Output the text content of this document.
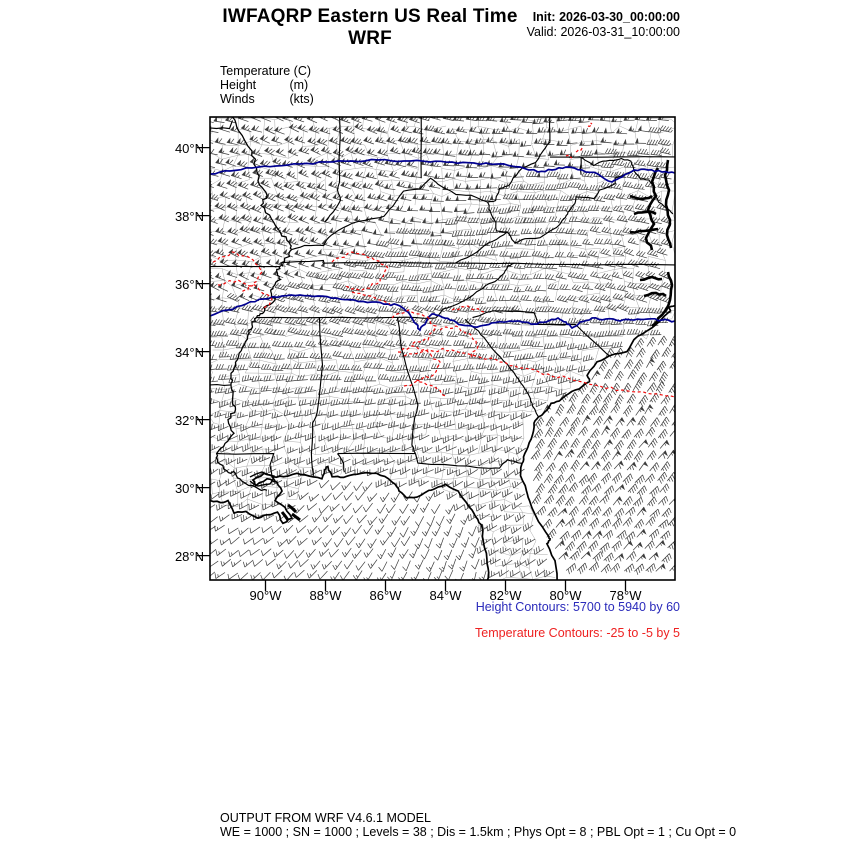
IWFAQRP Eastern US Real Time WRF
Init: 2026-03-30_00:00:00
Valid: 2026-03-31_10:00:00
Temperature (C)
Height	(m)
Winds	(kts)
40°N
38°N
36°N
34°N
32°N
30°N
28°N
90°W	88°W	86°W	84°W	82°W	80°W	78°W
Height Contours: 5700 to 5940 by 60
Temperature Contours: -25 to -5 by 5
OUTPUT FROM WRF V4.6.1 MODEL
WE = 1000 ; SN = 1000 ; Levels = 38 ; Dis = 1.5km ; Phys Opt = 8 ; PBL Opt = 1 ; Cu Opt = 0
